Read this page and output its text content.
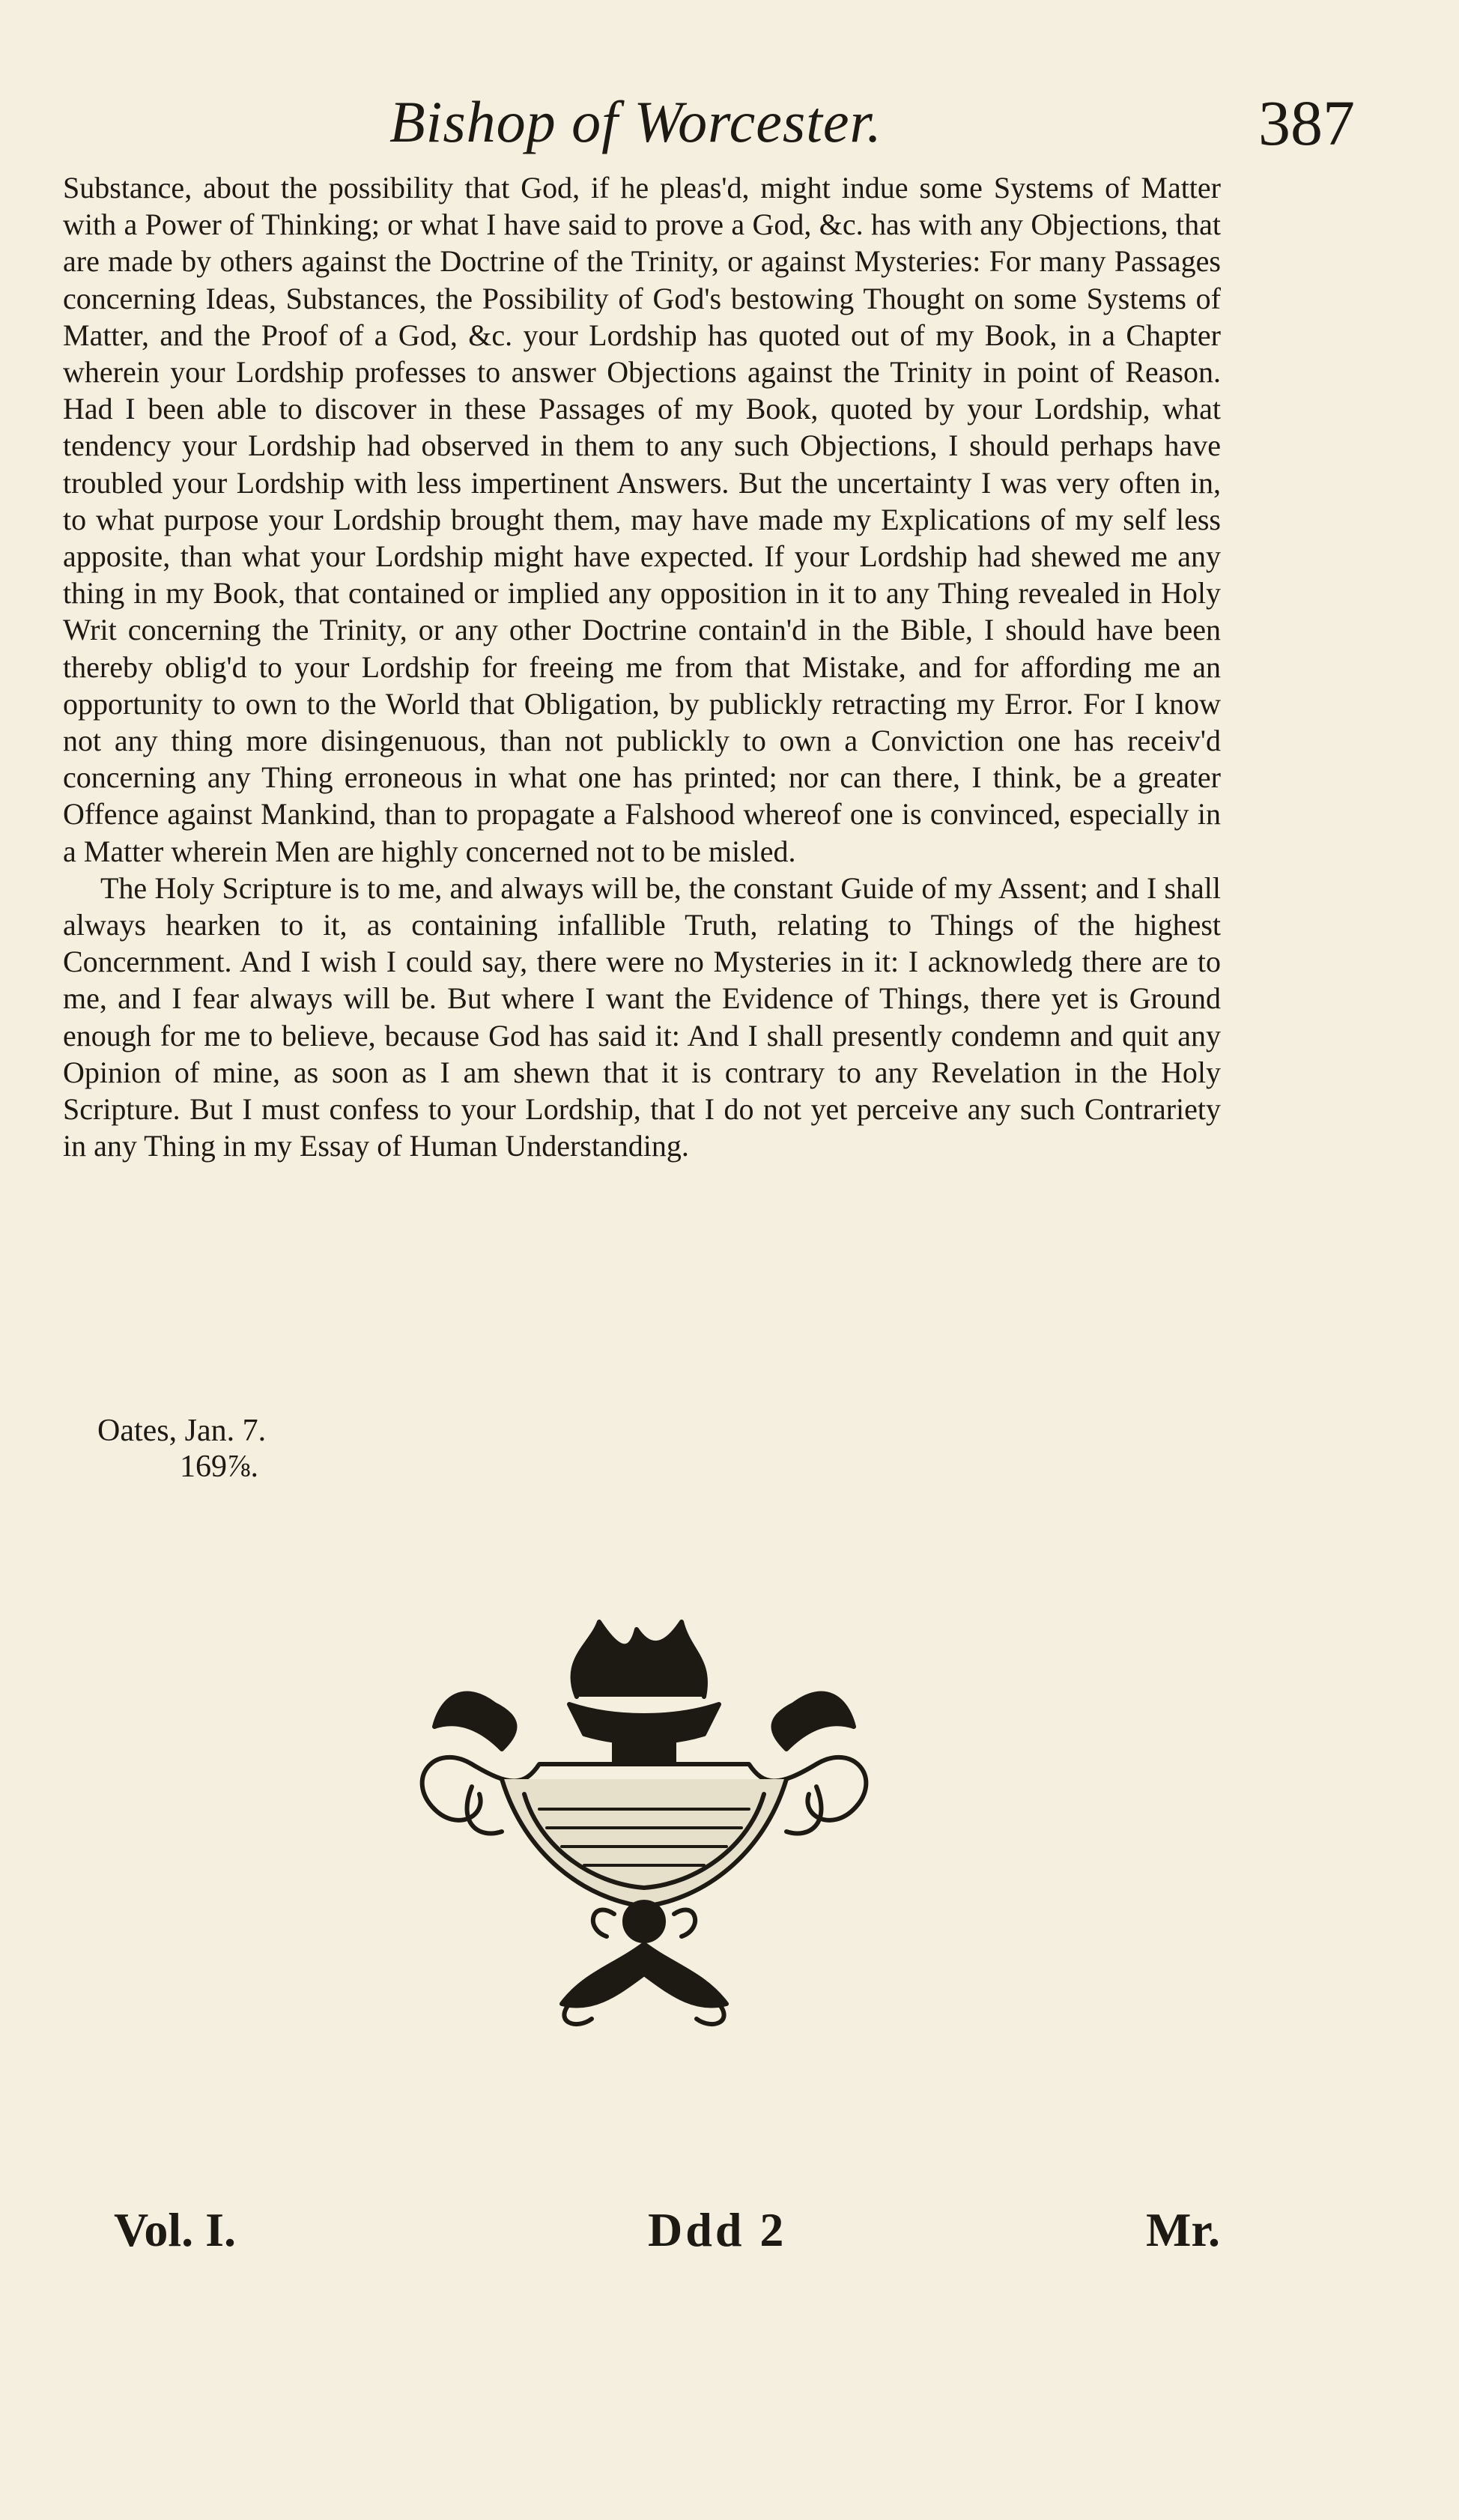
Bishop of Worcester.	387

Substance, about the possibility that God, if he pleas'd, might indue some Systems of Matter with a Power of Thinking; or what I have said to prove a God, &c. has with any Objections, that are made by others against the Doctrine of the Trinity, or against Mysteries: For many Passages concerning Ideas, Substances, the Possibility of God's bestowing Thought on some Systems of Matter, and the Proof of a God, &c. your Lordship has quoted out of my Book, in a Chapter wherein your Lordship professes to answer Objections against the Trinity in point of Reason. Had I been able to discover in these Passages of my Book, quoted by your Lordship, what tendency your Lordship had observed in them to any such Objections, I should perhaps have troubled your Lordship with less impertinent Answers. But the uncertainty I was very often in, to what purpose your Lordship brought them, may have made my Explications of my self less apposite, than what your Lordship might have expected. If your Lordship had shewed me any thing in my Book, that contained or implied any opposition in it to any Thing revealed in Holy Writ concerning the Trinity, or any other Doctrine contain'd in the Bible, I should have been thereby oblig'd to your Lordship for freeing me from that Mistake, and for affording me an opportunity to own to the World that Obligation, by publickly retracting my Error. For I know not any thing more disingenuous, than not publickly to own a Conviction one has receiv'd concerning any Thing erroneous in what one has printed; nor can there, I think, be a greater Offence against Mankind, than to propagate a Falshood whereof one is convinced, especially in a Matter wherein Men are highly concerned not to be misled.

The Holy Scripture is to me, and always will be, the constant Guide of my Assent; and I shall always hearken to it, as containing infallible Truth, relating to Things of the highest Concernment. And I wish I could say, there were no Mysteries in it: I acknowledg there are to me, and I fear always will be. But where I want the Evidence of Things, there yet is Ground enough for me to believe, because God has said it: And I shall presently condemn and quit any Opinion of mine, as soon as I am shewn that it is contrary to any Revelation in the Holy Scripture. But I must confess to your Lordship, that I do not yet perceive any such Contrariety in any Thing in my Essay of Human Understanding.

Oates, Jan. 7.
169⅞.
Vol. I.	Ddd 2	Mr.
